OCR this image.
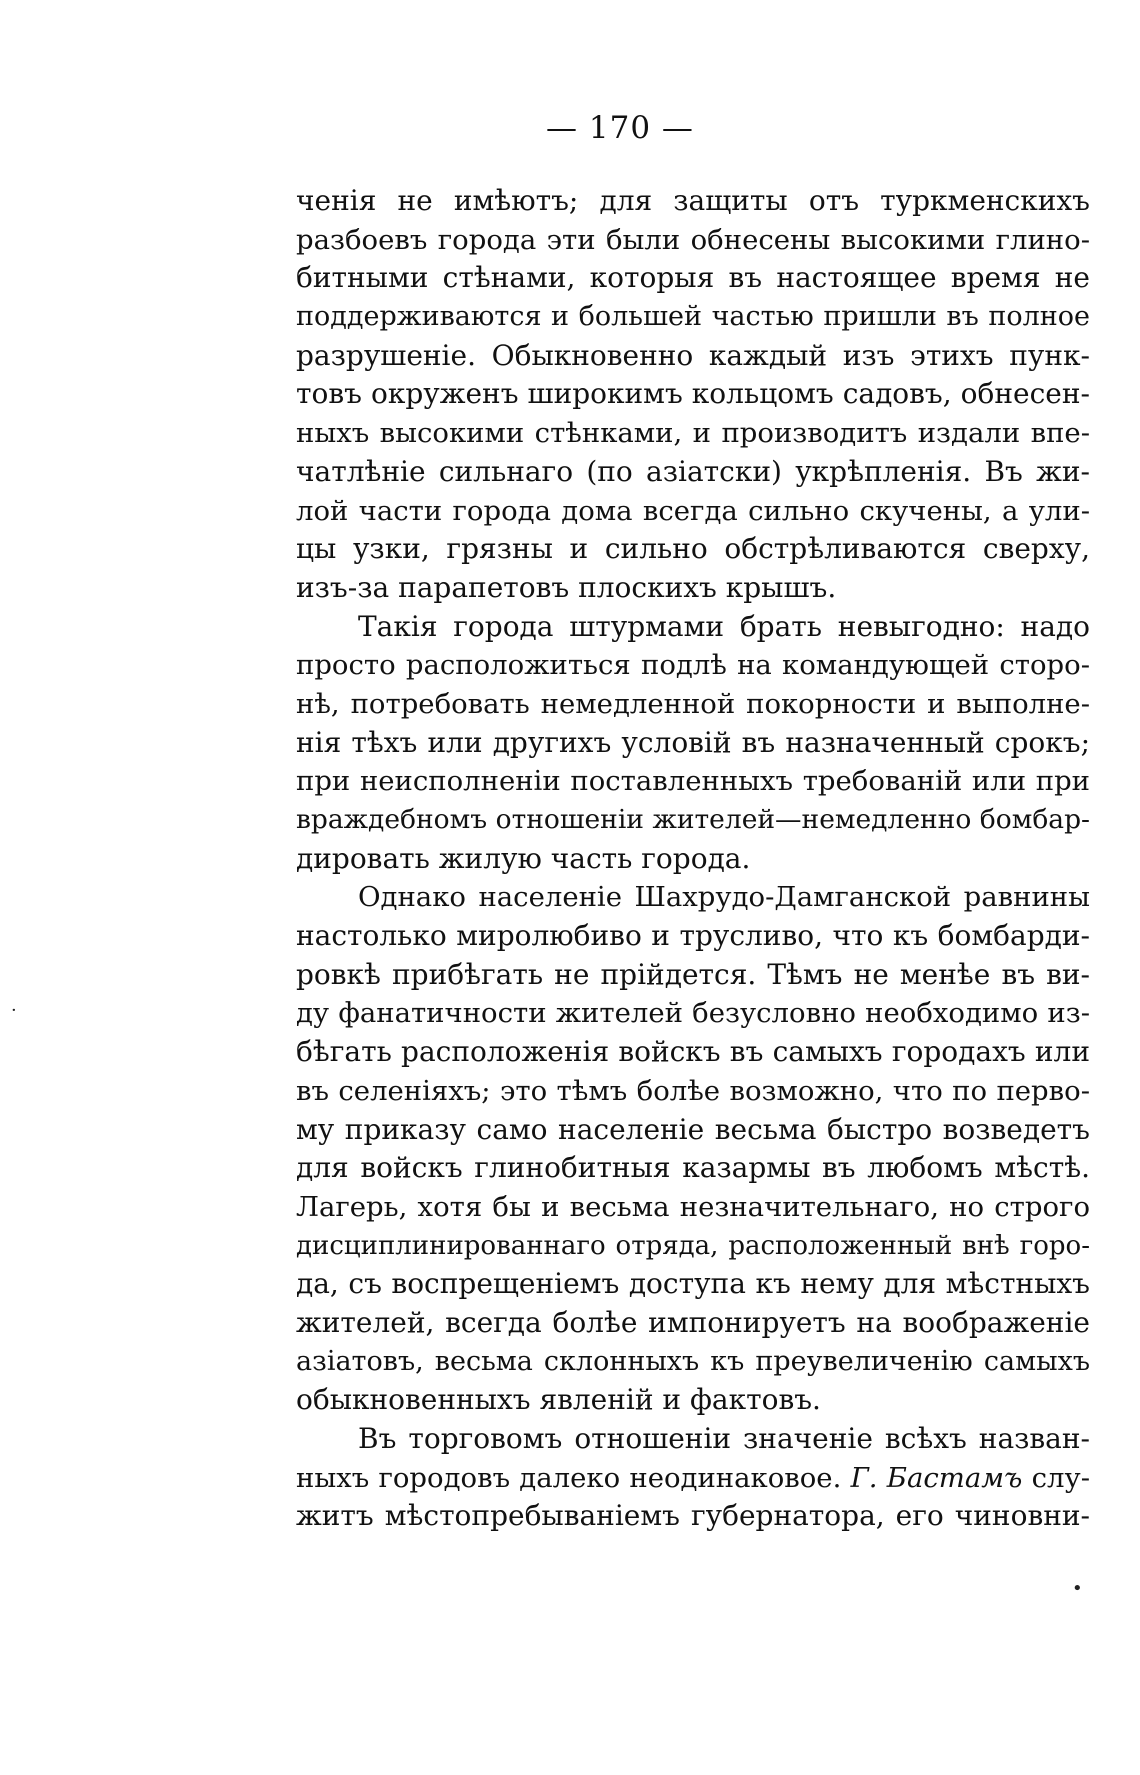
— 170 —
ченія не имѣютъ; для защиты отъ туркменскихъ
разбоевъ города эти были обнесены высокими глино-
битными стѣнами, которыя въ настоящее время не
поддерживаются и большей частью пришли въ полное
разрушеніе. Обыкновенно каждый изъ этихъ пунк-
товъ окруженъ широкимъ кольцомъ садовъ, обнесен-
ныхъ высокими стѣнками, и производитъ издали впе-
чатлѣніе сильнаго (по азіатски) укрѣпленія. Въ жи-
лой части города дома всегда сильно скучены, а ули-
цы узки, грязны и сильно обстрѣливаются сверху,
изъ-за парапетовъ плоскихъ крышъ.
Такія города штурмами брать невыгодно: надо
просто расположиться подлѣ на командующей сторо-
нѣ, потребовать немедленной покорности и выполне-
нія тѣхъ или другихъ условій въ назначенный срокъ;
при неисполненіи поставленныхъ требованій или при
враждебномъ отношеніи жителей—немедленно бомбар-
дировать жилую часть города.
Однако населеніе Шахрудо-Дамганской равнины
настолько миролюбиво и трусливо, что къ бомбарди-
ровкѣ прибѣгать не прійдется. Тѣмъ не менѣе въ ви-
ду фанатичности жителей безусловно необходимо из-
бѣгать расположенія войскъ въ самыхъ городахъ или
въ селеніяхъ; это тѣмъ болѣе возможно, что по перво-
му приказу само населеніе весьма быстро возведетъ
для войскъ глинобитныя казармы въ любомъ мѣстѣ.
Лагерь, хотя бы и весьма незначительнаго, но строго
дисциплинированнаго отряда, расположенный внѣ горо-
да, съ воспрещеніемъ доступа къ нему для мѣстныхъ
жителей, всегда болѣе импонируетъ на воображеніе
азіатовъ, весьма склонныхъ къ преувеличенію самыхъ
обыкновенныхъ явленій и фактовъ.
Въ торговомъ отношеніи значеніе всѣхъ назван-
ныхъ городовъ далеко неодинаковое. Г. Бастамъ слу-
житъ мѣстопребываніемъ губернатора, его чиновни-
·
•
